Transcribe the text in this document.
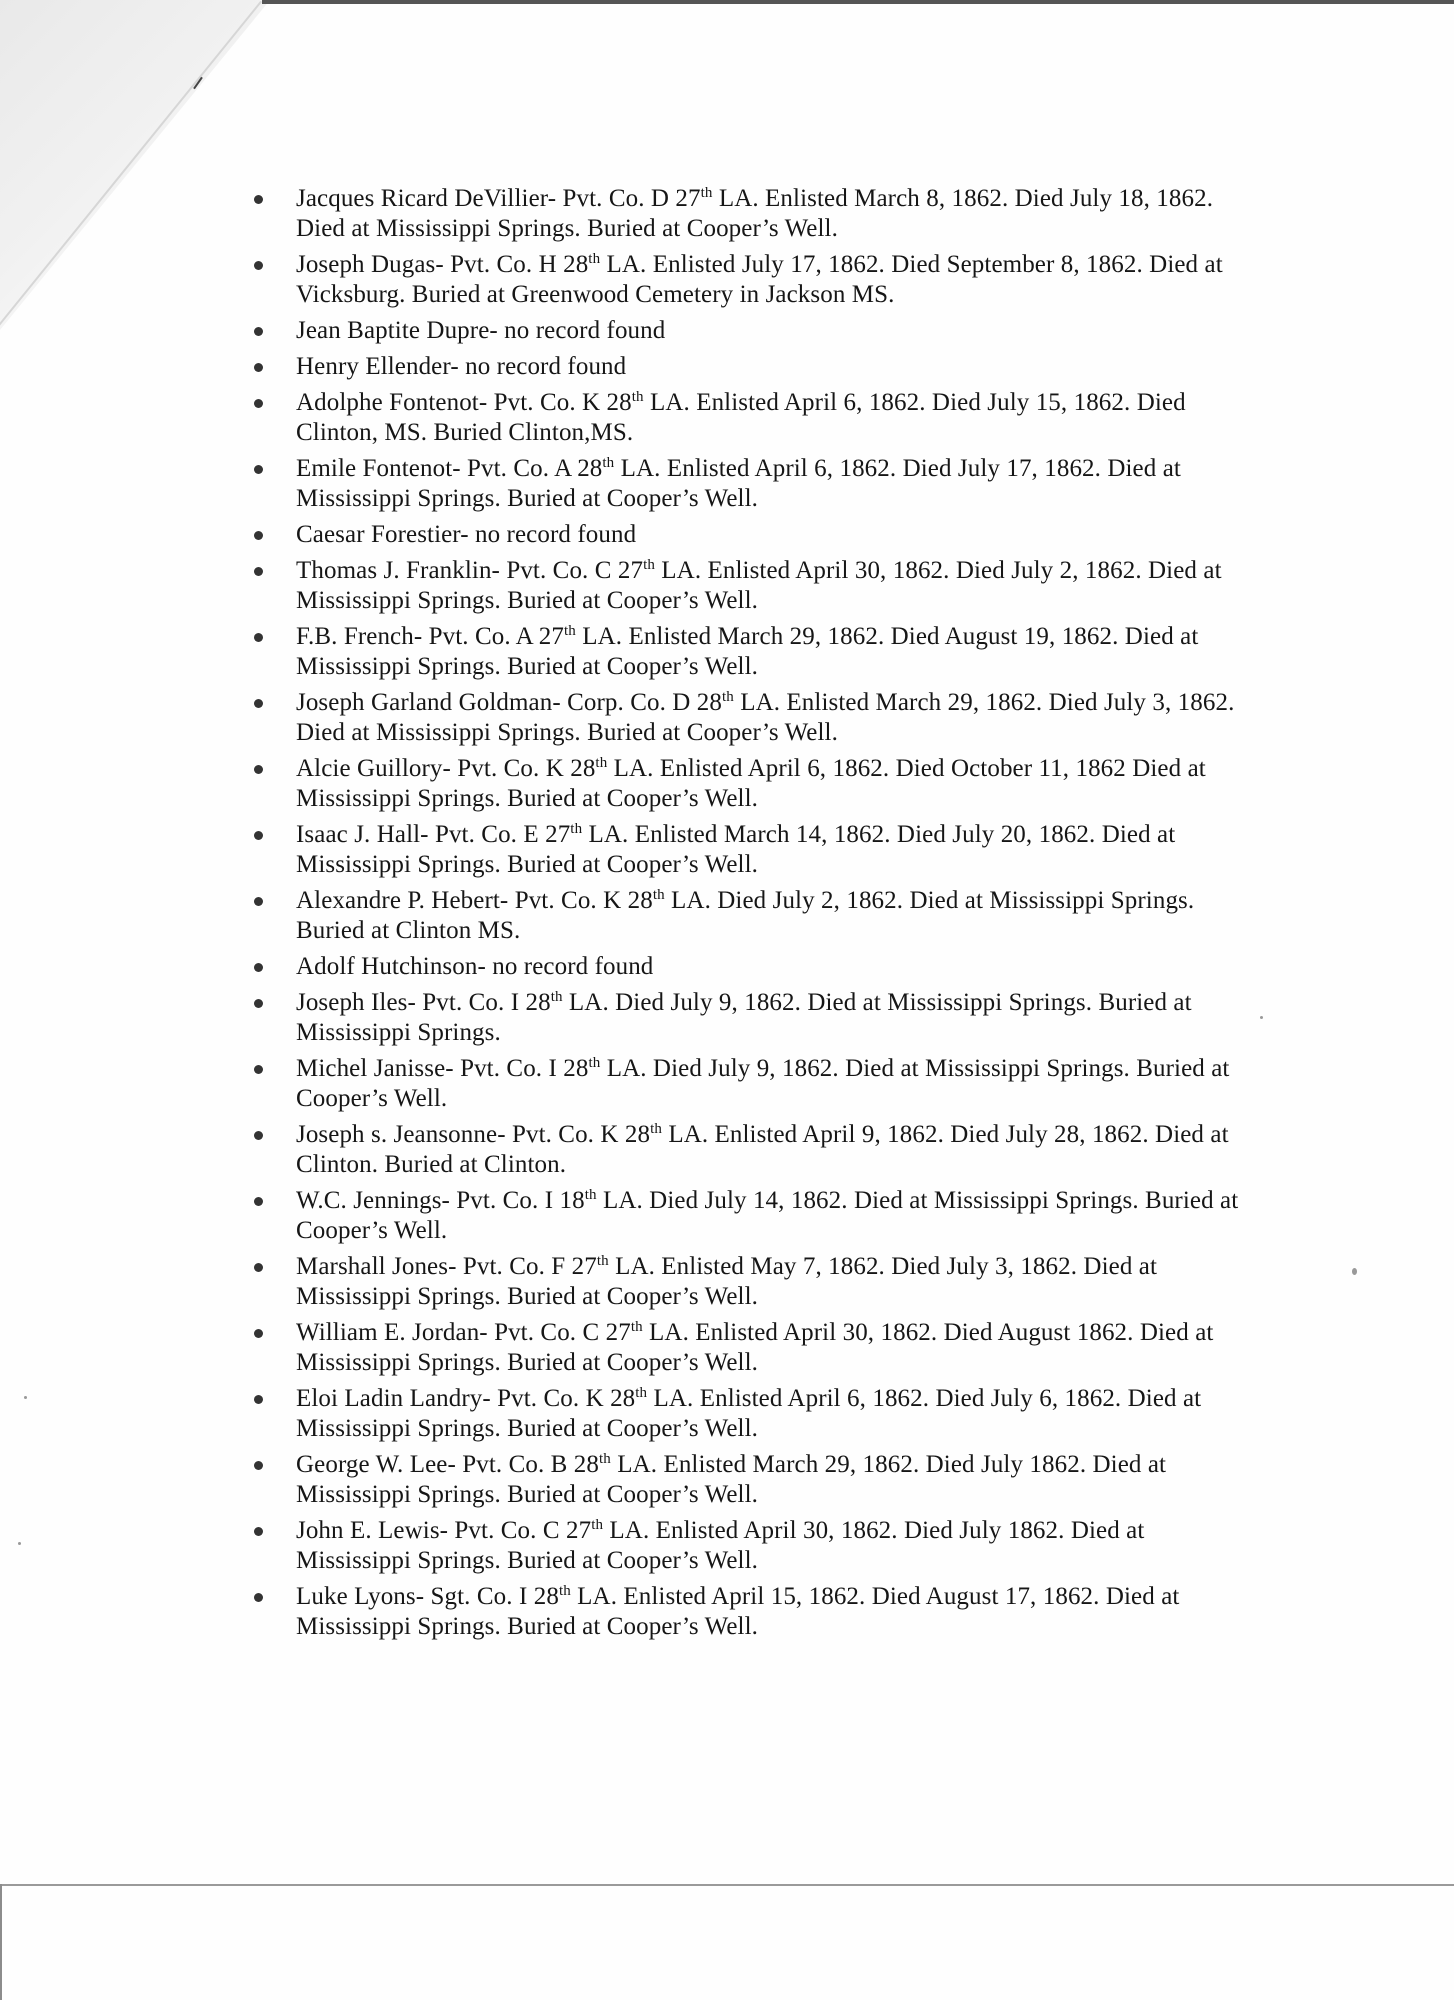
Jacques Ricard DeVillier- Pvt. Co. D 27th LA. Enlisted March 8, 1862. Died July 18, 1862. Died at Mississippi Springs. Buried at Cooper’s Well.
Joseph Dugas- Pvt. Co. H 28th LA. Enlisted July 17, 1862. Died September 8, 1862. Died at Vicksburg. Buried at Greenwood Cemetery in Jackson MS.
Jean Baptite Dupre- no record found
Henry Ellender- no record found
Adolphe Fontenot- Pvt. Co. K 28th LA. Enlisted April 6, 1862. Died July 15, 1862. Died Clinton, MS. Buried Clinton,MS.
Emile Fontenot- Pvt. Co. A 28th LA. Enlisted April 6, 1862. Died July 17, 1862. Died at Mississippi Springs. Buried at Cooper’s Well.
Caesar Forestier- no record found
Thomas J. Franklin- Pvt. Co. C 27th LA. Enlisted April 30, 1862. Died July 2, 1862. Died at Mississippi Springs. Buried at Cooper’s Well.
F.B. French- Pvt. Co. A 27th LA. Enlisted March 29, 1862. Died August 19, 1862. Died at Mississippi Springs. Buried at Cooper’s Well.
Joseph Garland Goldman- Corp. Co. D 28th LA. Enlisted March 29, 1862. Died July 3, 1862. Died at Mississippi Springs. Buried at Cooper’s Well.
Alcie Guillory- Pvt. Co. K 28th LA. Enlisted April 6, 1862. Died October 11, 1862 Died at Mississippi Springs. Buried at Cooper’s Well.
Isaac J. Hall- Pvt. Co. E 27th LA. Enlisted March 14, 1862. Died July 20, 1862. Died at Mississippi Springs. Buried at Cooper’s Well.
Alexandre P. Hebert- Pvt. Co. K 28th LA. Died July 2, 1862. Died at Mississippi Springs. Buried at Clinton MS.
Adolf Hutchinson- no record found
Joseph Iles- Pvt. Co. I 28th LA. Died July 9, 1862. Died at Mississippi Springs. Buried at Mississippi Springs.
Michel Janisse- Pvt. Co. I 28th LA. Died July 9, 1862. Died at Mississippi Springs. Buried at Cooper’s Well.
Joseph s. Jeansonne- Pvt. Co. K 28th LA. Enlisted April 9, 1862. Died July 28, 1862. Died at Clinton. Buried at Clinton.
W.C. Jennings- Pvt. Co. I 18th LA. Died July 14, 1862. Died at Mississippi Springs. Buried at Cooper’s Well.
Marshall Jones- Pvt. Co. F 27th LA. Enlisted May 7, 1862. Died July 3, 1862. Died at Mississippi Springs. Buried at Cooper’s Well.
William E. Jordan- Pvt. Co. C 27th LA. Enlisted April 30, 1862. Died August 1862. Died at Mississippi Springs. Buried at Cooper’s Well.
Eloi Ladin Landry- Pvt. Co. K 28th LA. Enlisted April 6, 1862. Died July 6, 1862. Died at Mississippi Springs. Buried at Cooper’s Well.
George W. Lee- Pvt. Co. B 28th LA. Enlisted March 29, 1862. Died July 1862. Died at Mississippi Springs. Buried at Cooper’s Well.
John E. Lewis- Pvt. Co. C 27th LA. Enlisted April 30, 1862. Died July 1862. Died at Mississippi Springs. Buried at Cooper’s Well.
Luke Lyons- Sgt. Co. I 28th LA. Enlisted April 15, 1862. Died August 17, 1862. Died at Mississippi Springs. Buried at Cooper’s Well.
